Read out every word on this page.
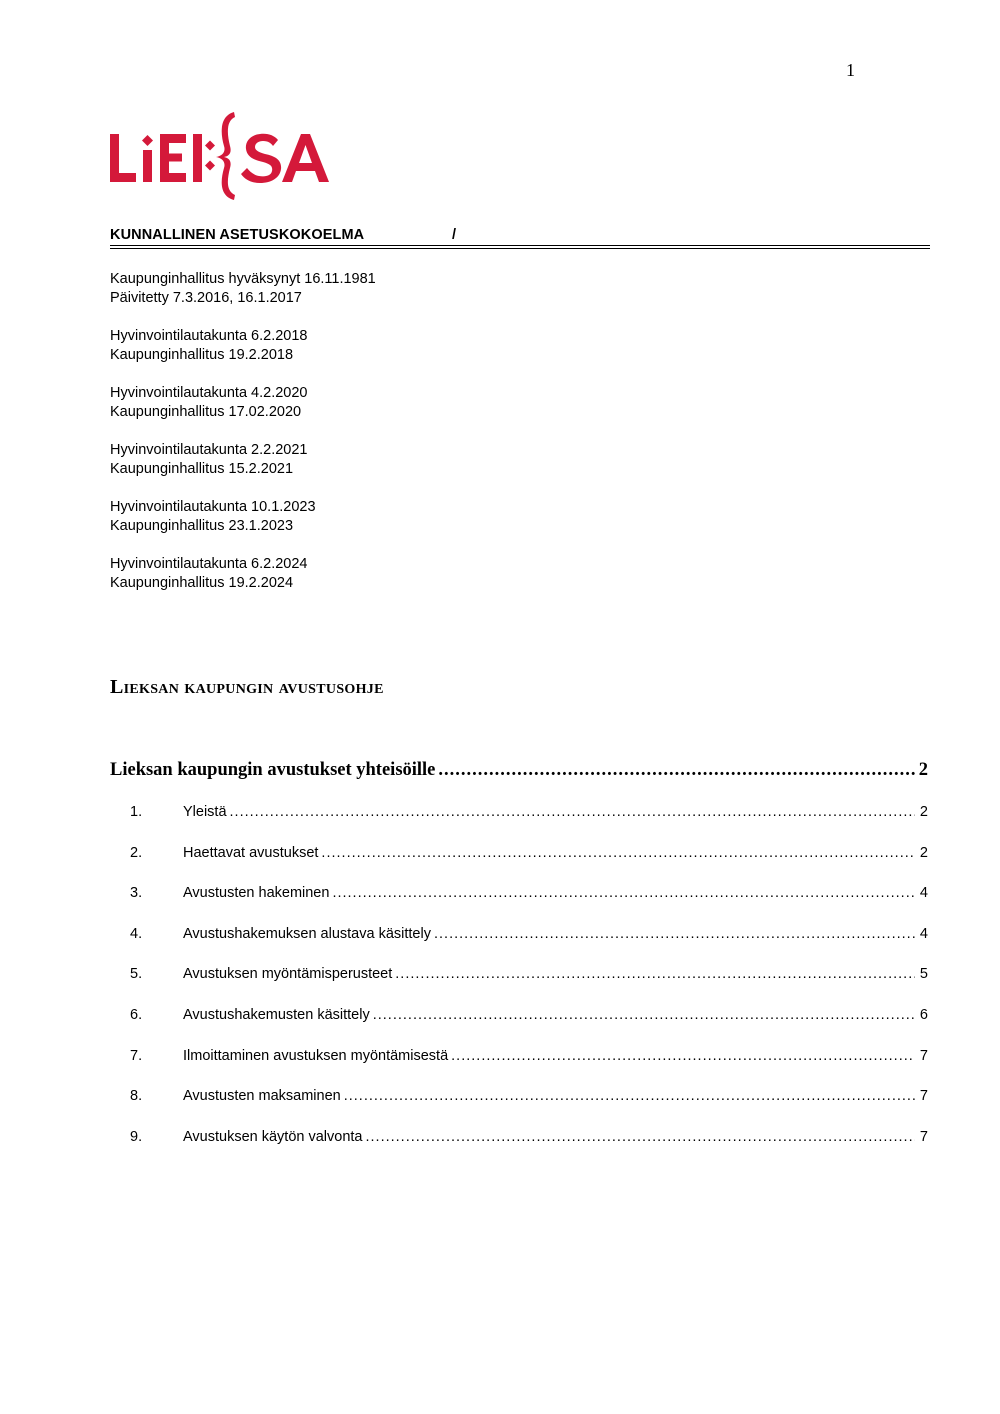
1
KUNNALLINEN ASETUSKOKOELMA	/
Kaupunginhallitus hyväksynyt 16.11.1981
Päivitetty 7.3.2016, 16.1.2017
Hyvinvointilautakunta 6.2.2018
Kaupunginhallitus 19.2.2018
Hyvinvointilautakunta 4.2.2020
Kaupunginhallitus 17.02.2020
Hyvinvointilautakunta 2.2.2021
Kaupunginhallitus 15.2.2021
Hyvinvointilautakunta 10.1.2023
Kaupunginhallitus 23.1.2023
Hyvinvointilautakunta 6.2.2024
Kaupunginhallitus 19.2.2024
Lieksan kaupungin avustusohje
Lieksan kaupungin avustukset yhteisöille .....	2
1.	Yleistä .....	2
2.	Haettavat avustukset .....	2
3.	Avustusten hakeminen .....	4
4.	Avustushakemuksen alustava käsittely .....	4
5.	Avustuksen myöntämisperusteet .....	5
6.	Avustushakemusten käsittely .....	6
7.	Ilmoittaminen avustuksen myöntämisestä .....	7
8.	Avustusten maksaminen .....	7
9.	Avustuksen käytön valvonta .....	7
